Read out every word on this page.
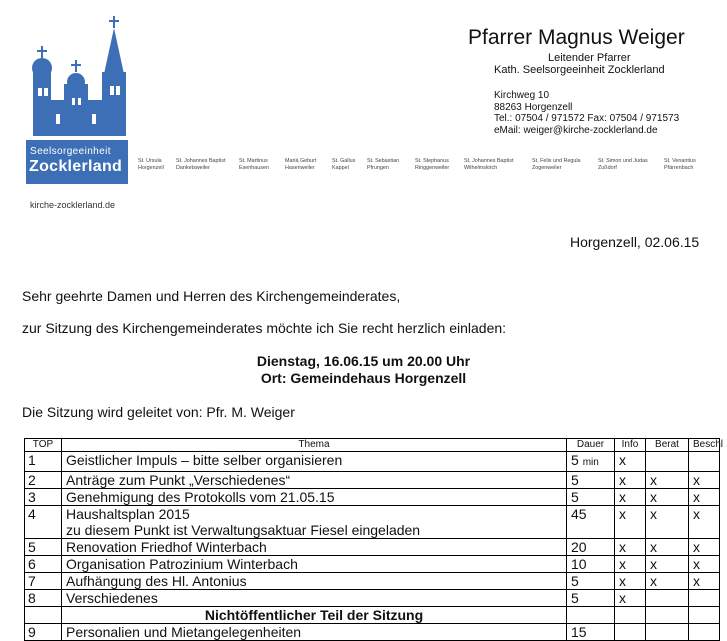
Seelsorgeeinheit
Zocklerland
kirche-zocklerland.de
Pfarrer Magnus Weiger
Leitender Pfarrer
Kath. Seelsorgeeinheit Zocklerland
Kirchweg 10
88263 Horgenzell
Tel.: 07504 / 971572 Fax: 07504 / 971573
eMail: weiger@kirche-zocklerland.de
St. Ursula
Horgenzell
St. Johannes Baptist
Danketsweiler
St. Martinus
Esenhausen
Mariä Geburt
Hasenweiler
St. Gallus
Kappel
St. Sebastian
Pfrungen
St. Stephanus
Ringgenweiler
St. Johannes Baptist
Wilhelmskirch
St. Felix und Regula
Zogenweiler
St. Simon und Judas
Zußdorf
St. Venantius
Pfärrenbach
Horgenzell, 02.06.15
Sehr geehrte Damen und Herren des Kirchengemeinderates,
zur Sitzung des Kirchengemeinderates möchte ich Sie recht herzlich einladen:
Dienstag, 16.06.15 um 20.00 Uhr
Ort: Gemeindehaus Horgenzell
Die Sitzung wird geleitet von: Pfr. M. Weiger
TOP	Thema	Dauer	Info	Berat	Beschl
1	Geistlicher Impuls – bitte selber organisieren	5 min	x		
2	Anträge zum Punkt „Verschiedenes“	5	x	x	x
3	Genehmigung des Protokolls vom 21.05.15	5	x	x	x
4	Haushaltsplan 2015
zu diesem Punkt ist Verwaltungsaktuar Fiesel eingeladen	45	x	x	x
5	Renovation Friedhof Winterbach	20	x	x	x
6	Organisation Patrozinium Winterbach	10	x	x	x
7	Aufhängung des Hl. Antonius	5	x	x	x
8	Verschiedenes	5	x		
	Nichtöffentlicher Teil der Sitzung				
9	Personalien und Mietangelegenheiten	15			
